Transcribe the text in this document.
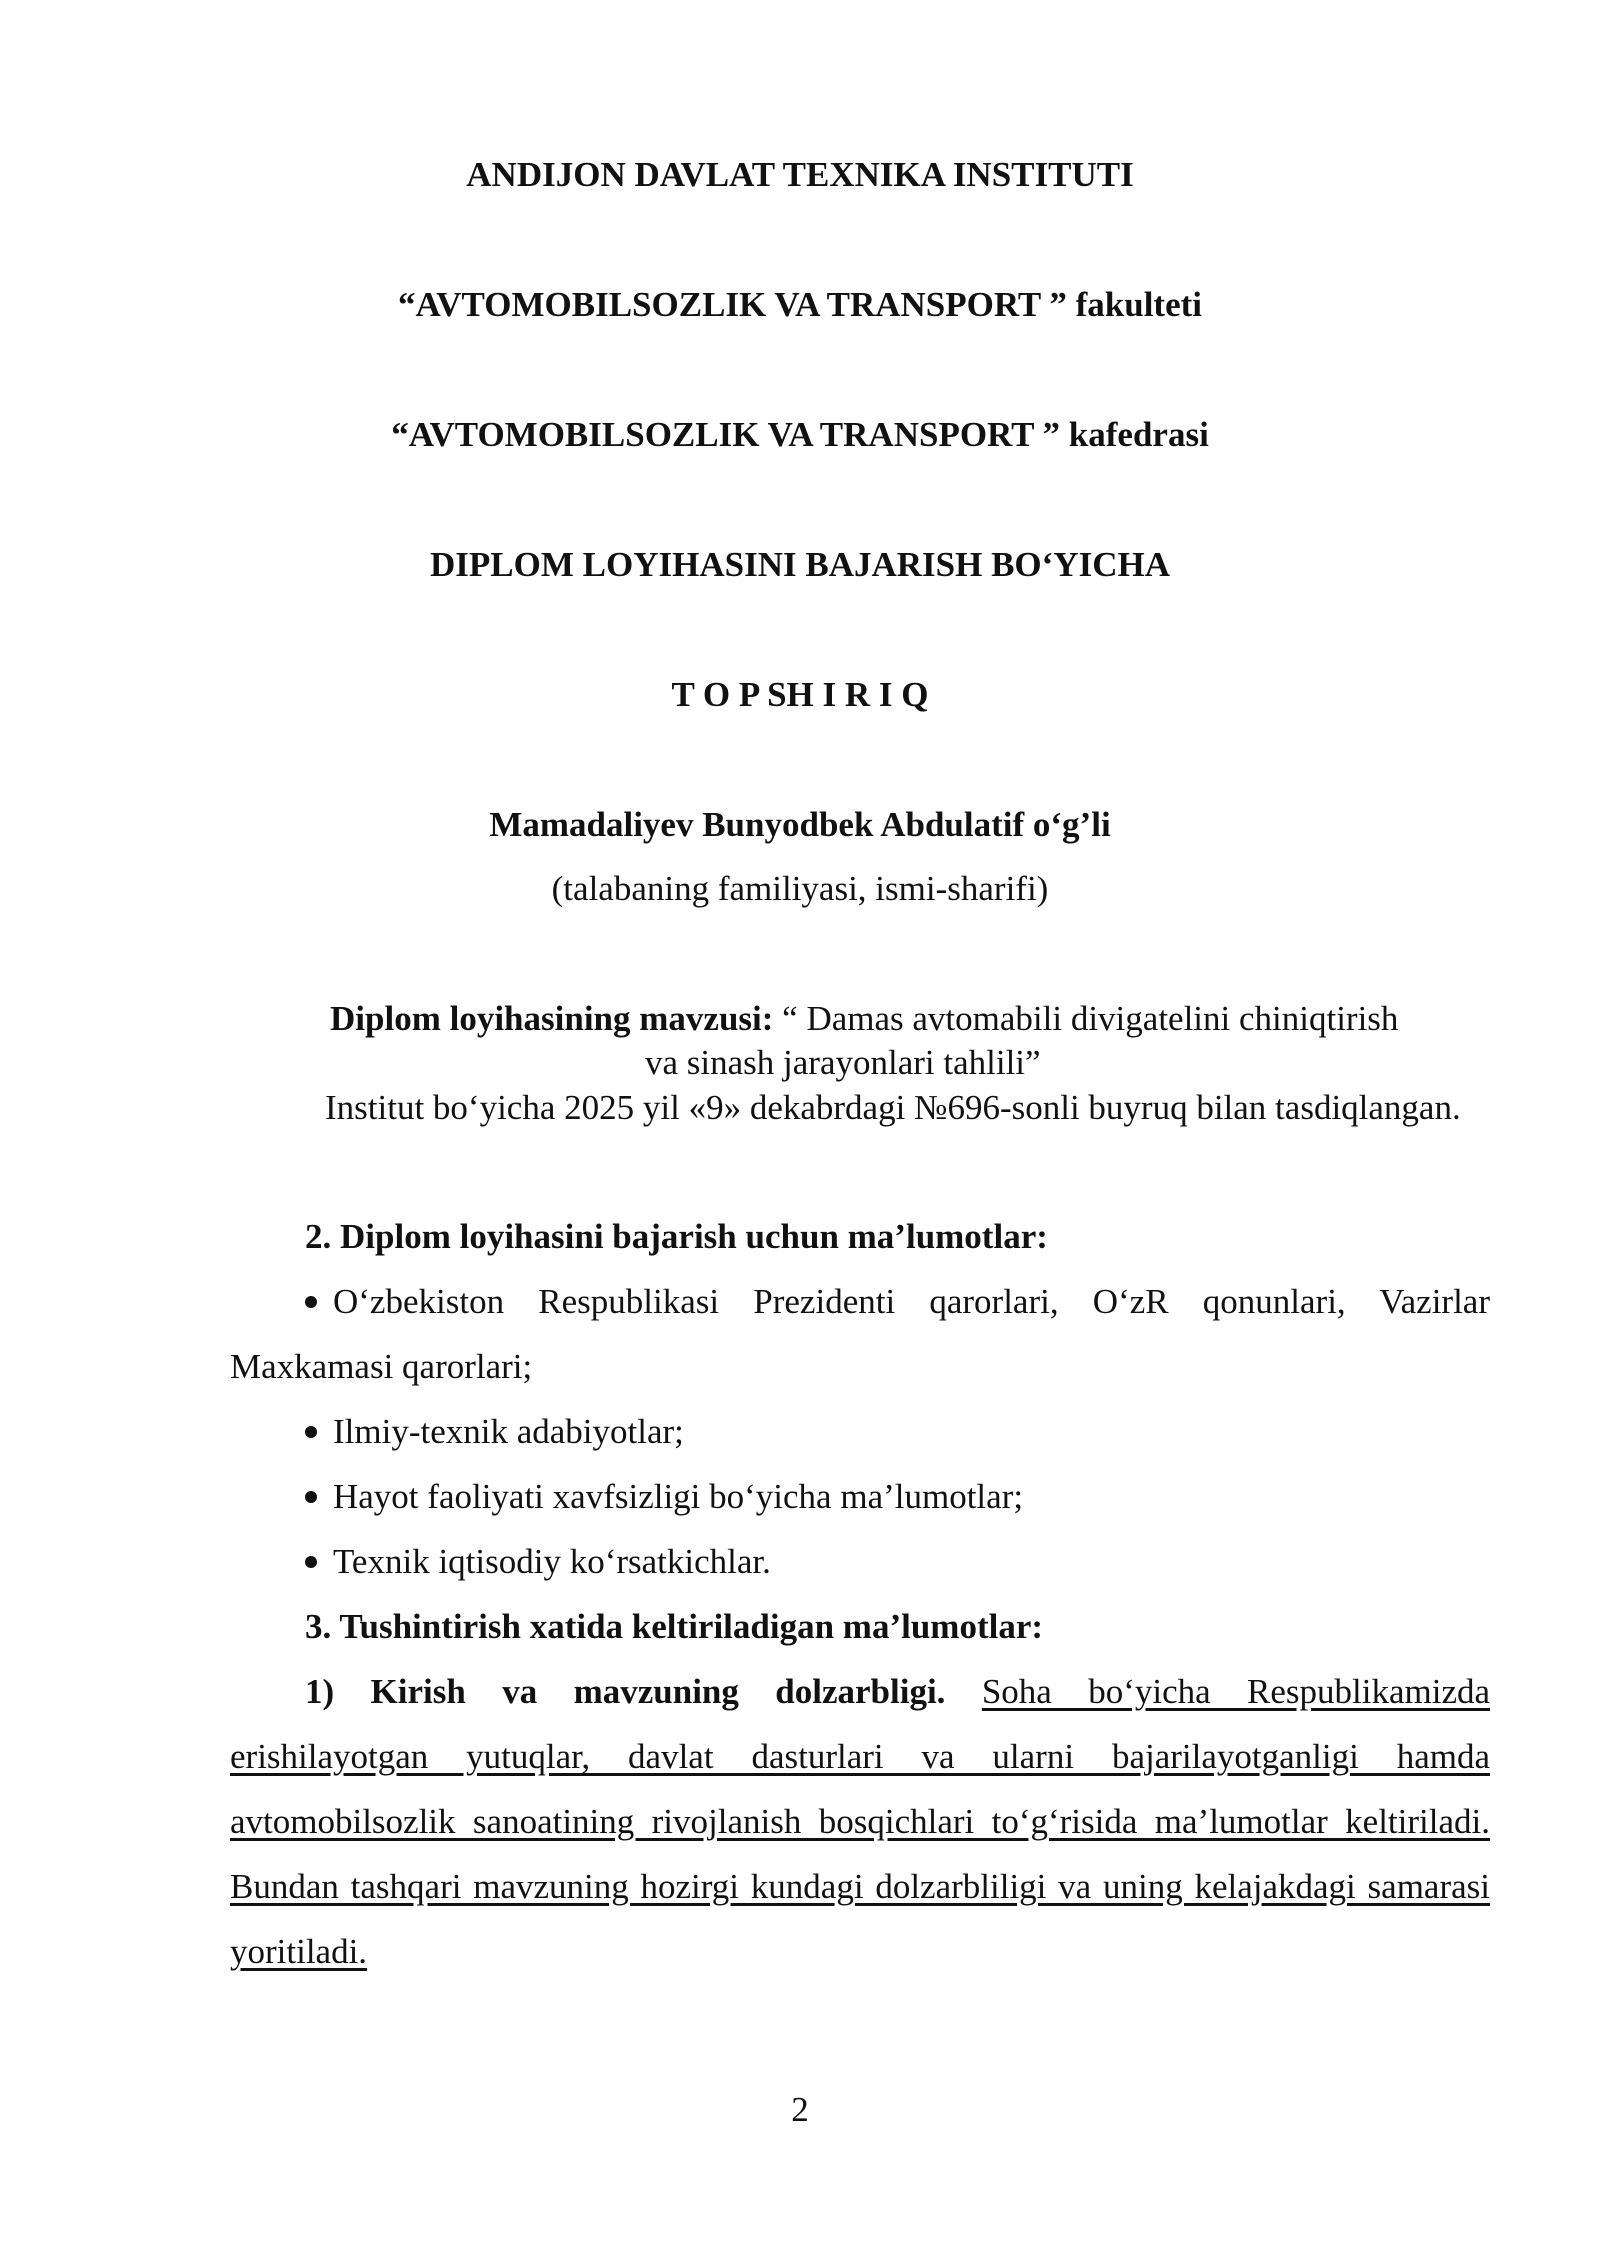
ANDIJON DAVLAT TEXNIKA INSTITUTI
“AVTOMOBILSOZLIK VA TRANSPORT ” fakulteti
“AVTOMOBILSOZLIK VA TRANSPORT ” kafedrasi
DIPLOM LOYIHASINI BAJARISH BO‘YICHA
T O P SH I R I Q
Mamadaliyev Bunyodbek Abdulatif o‘g’li
(talabaning familiyasi, ismi-sharifi)
Diplom loyihasining mavzusi: “ Damas avtomabili divigatelini chiniqtirish
va sinash jarayonlari tahlili”
Institut bo‘yicha 2025 yil «9» dekabrdagi №696-sonli buyruq bilan tasdiqlangan.
2. Diplom loyihasini bajarish uchun ma’lumotlar:
O‘zbekiston Respublikasi Prezidenti qarorlari, O‘zR qonunlari, Vazirlar Maxkamasi qarorlari;
Ilmiy-texnik adabiyotlar;
Hayot faoliyati xavfsizligi bo‘yicha ma’lumotlar;
Texnik iqtisodiy ko‘rsatkichlar.
3. Tushintirish xatida keltiriladigan ma’lumotlar:
1) Kirish va mavzuning dolzarbligi. Soha bo‘yicha Respublikamizda erishilayotgan yutuqlar, davlat dasturlari va ularni bajarilayotganligi hamda avtomobilsozlik sanoatining rivojlanish bosqichlari to‘g‘risida ma’lumotlar keltiriladi. Bundan tashqari mavzuning hozirgi kundagi dolzarbliligi va uning kelajakdagi samarasi yoritiladi.
2
